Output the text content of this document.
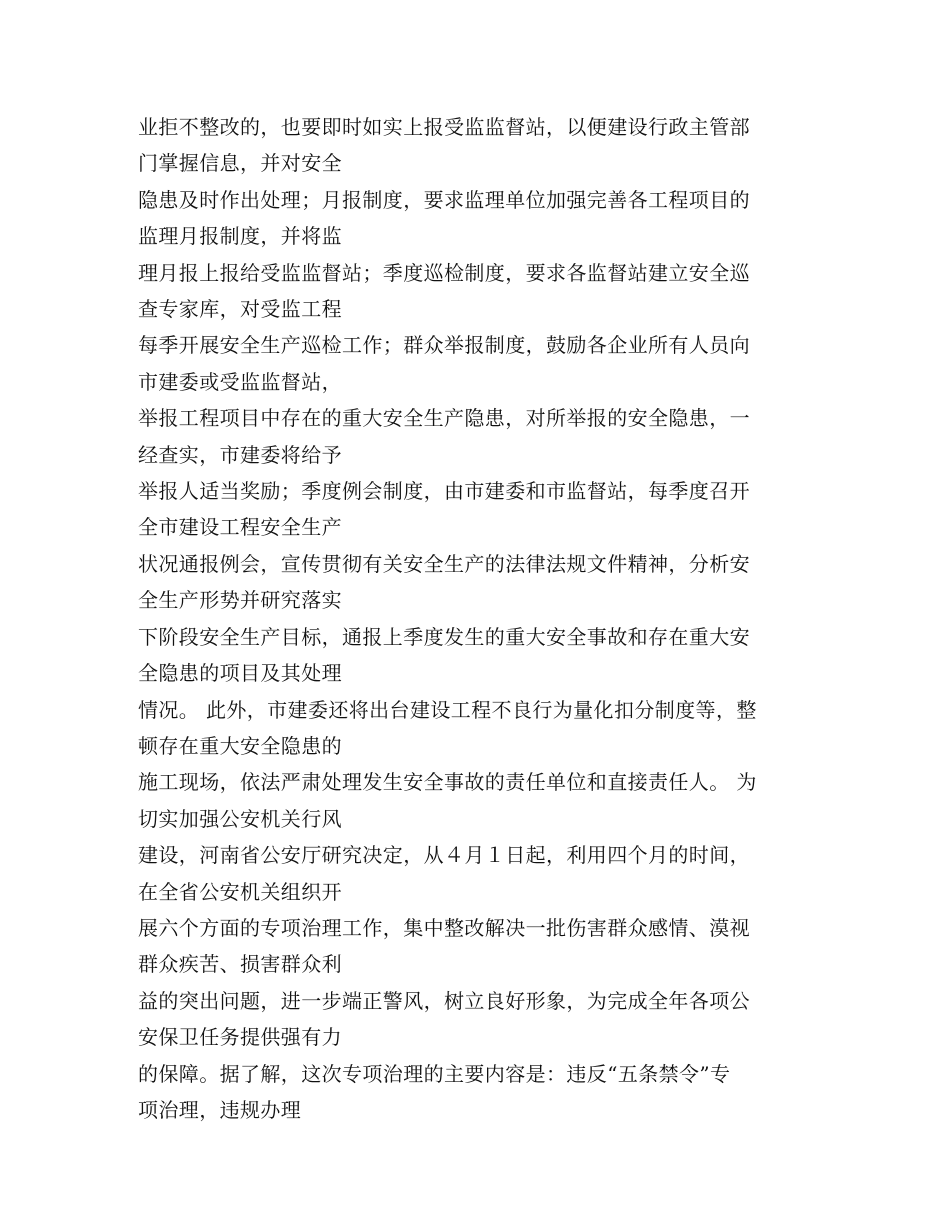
业拒不整改的，也要即时如实上报受监监督站，以便建设行政主管部
门掌握信息，并对安全

隐患及时作出处理；月报制度，要求监理单位加强完善各工程项目的
监理月报制度，并将监

理月报上报给受监监督站；季度巡检制度，要求各监督站建立安全巡
查专家库，对受监工程

每季开展安全生产巡检工作；群众举报制度，鼓励各企业所有人员向
市建委或受监监督站，

举报工程项目中存在的重大安全生产隐患，对所举报的安全隐患，一
经查实，市建委将给予

举报人适当奖励；季度例会制度，由市建委和市监督站，每季度召开
全市建设工程安全生产

状况通报例会，宣传贯彻有关安全生产的法律法规文件精神，分析安
全生产形势并研究落实

下阶段安全生产目标，通报上季度发生的重大安全事故和存在重大安
全隐患的项目及其处理

情况。 此外，市建委还将出台建设工程不良行为量化扣分制度等，整
顿存在重大安全隐患的

施工现场，依法严肃处理发生安全事故的责任单位和直接责任人。 为
切实加强公安机关行风

建设，河南省公安厅研究决定，从４月１日起，利用四个月的时间，
在全省公安机关组织开

展六个方面的专项治理工作，集中整改解决一批伤害群众感情、漠视
群众疾苦、损害群众利

益的突出问题，进一步端正警风，树立良好形象，为完成全年各项公
安保卫任务提供强有力

的保障。据了解，这次专项治理的主要内容是：违反“五条禁令”专
项治理，违规办理
